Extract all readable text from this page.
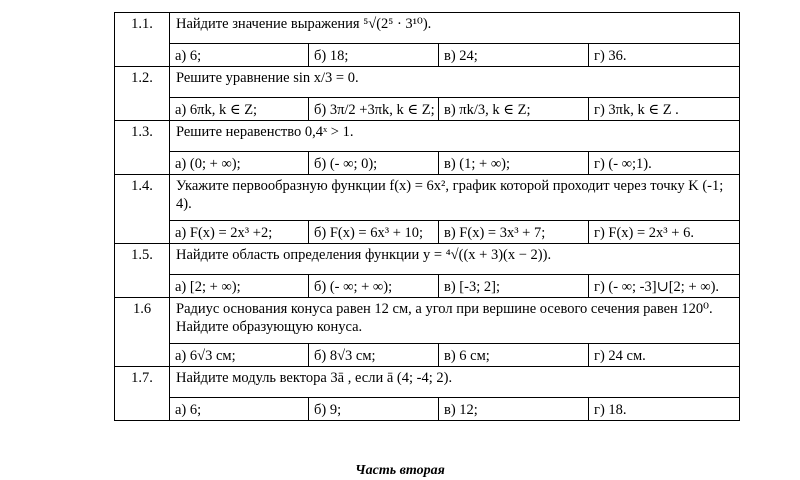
1.1.	Найдите значение выражения ⁵√(2⁵ · 3¹⁰).

	а) 6; б) 18; в) 24; г) 36.

1.2.	Решите уравнение sin x/3 = 0.

	а) 6πk, k ∈ Z; б) 3π/2 +3πk, k ∈ Z; в) πk/3, k ∈ Z; г) 3πk, k ∈ Z .

1.3.	Решите неравенство 0,4ˣ > 1.

	а) (0; + ∞); б) (- ∞; 0); в) (1; + ∞); г) (- ∞;1).

1.4.	Укажите первообразную функции f(x) = 6x², график которой проходит через точку K (-1; 4).

	а) F(x) = 2x³ +2; б) F(x) = 6x³ + 10; в) F(x) = 3x³ + 7; г) F(x) = 2x³ + 6.

1.5.	Найдите область определения функции y = ⁴√((x + 3)(x − 2)).

	а) [2; + ∞); б) (- ∞; + ∞); в) [-3; 2]; г) (- ∞; -3]∪[2; + ∞).

1.6	Радиус основания конуса равен 12 см, а угол при вершине осевого сечения равен 120⁰. Найдите образующую конуса.

	а) 6√3 см; б) 8√3 см; в) 6 см; г) 24 см.

1.7.	Найдите модуль вектора 3ā , если ā (4; -4; 2).

	а) 6; б) 9; в) 12; г) 18.
Часть вторая
